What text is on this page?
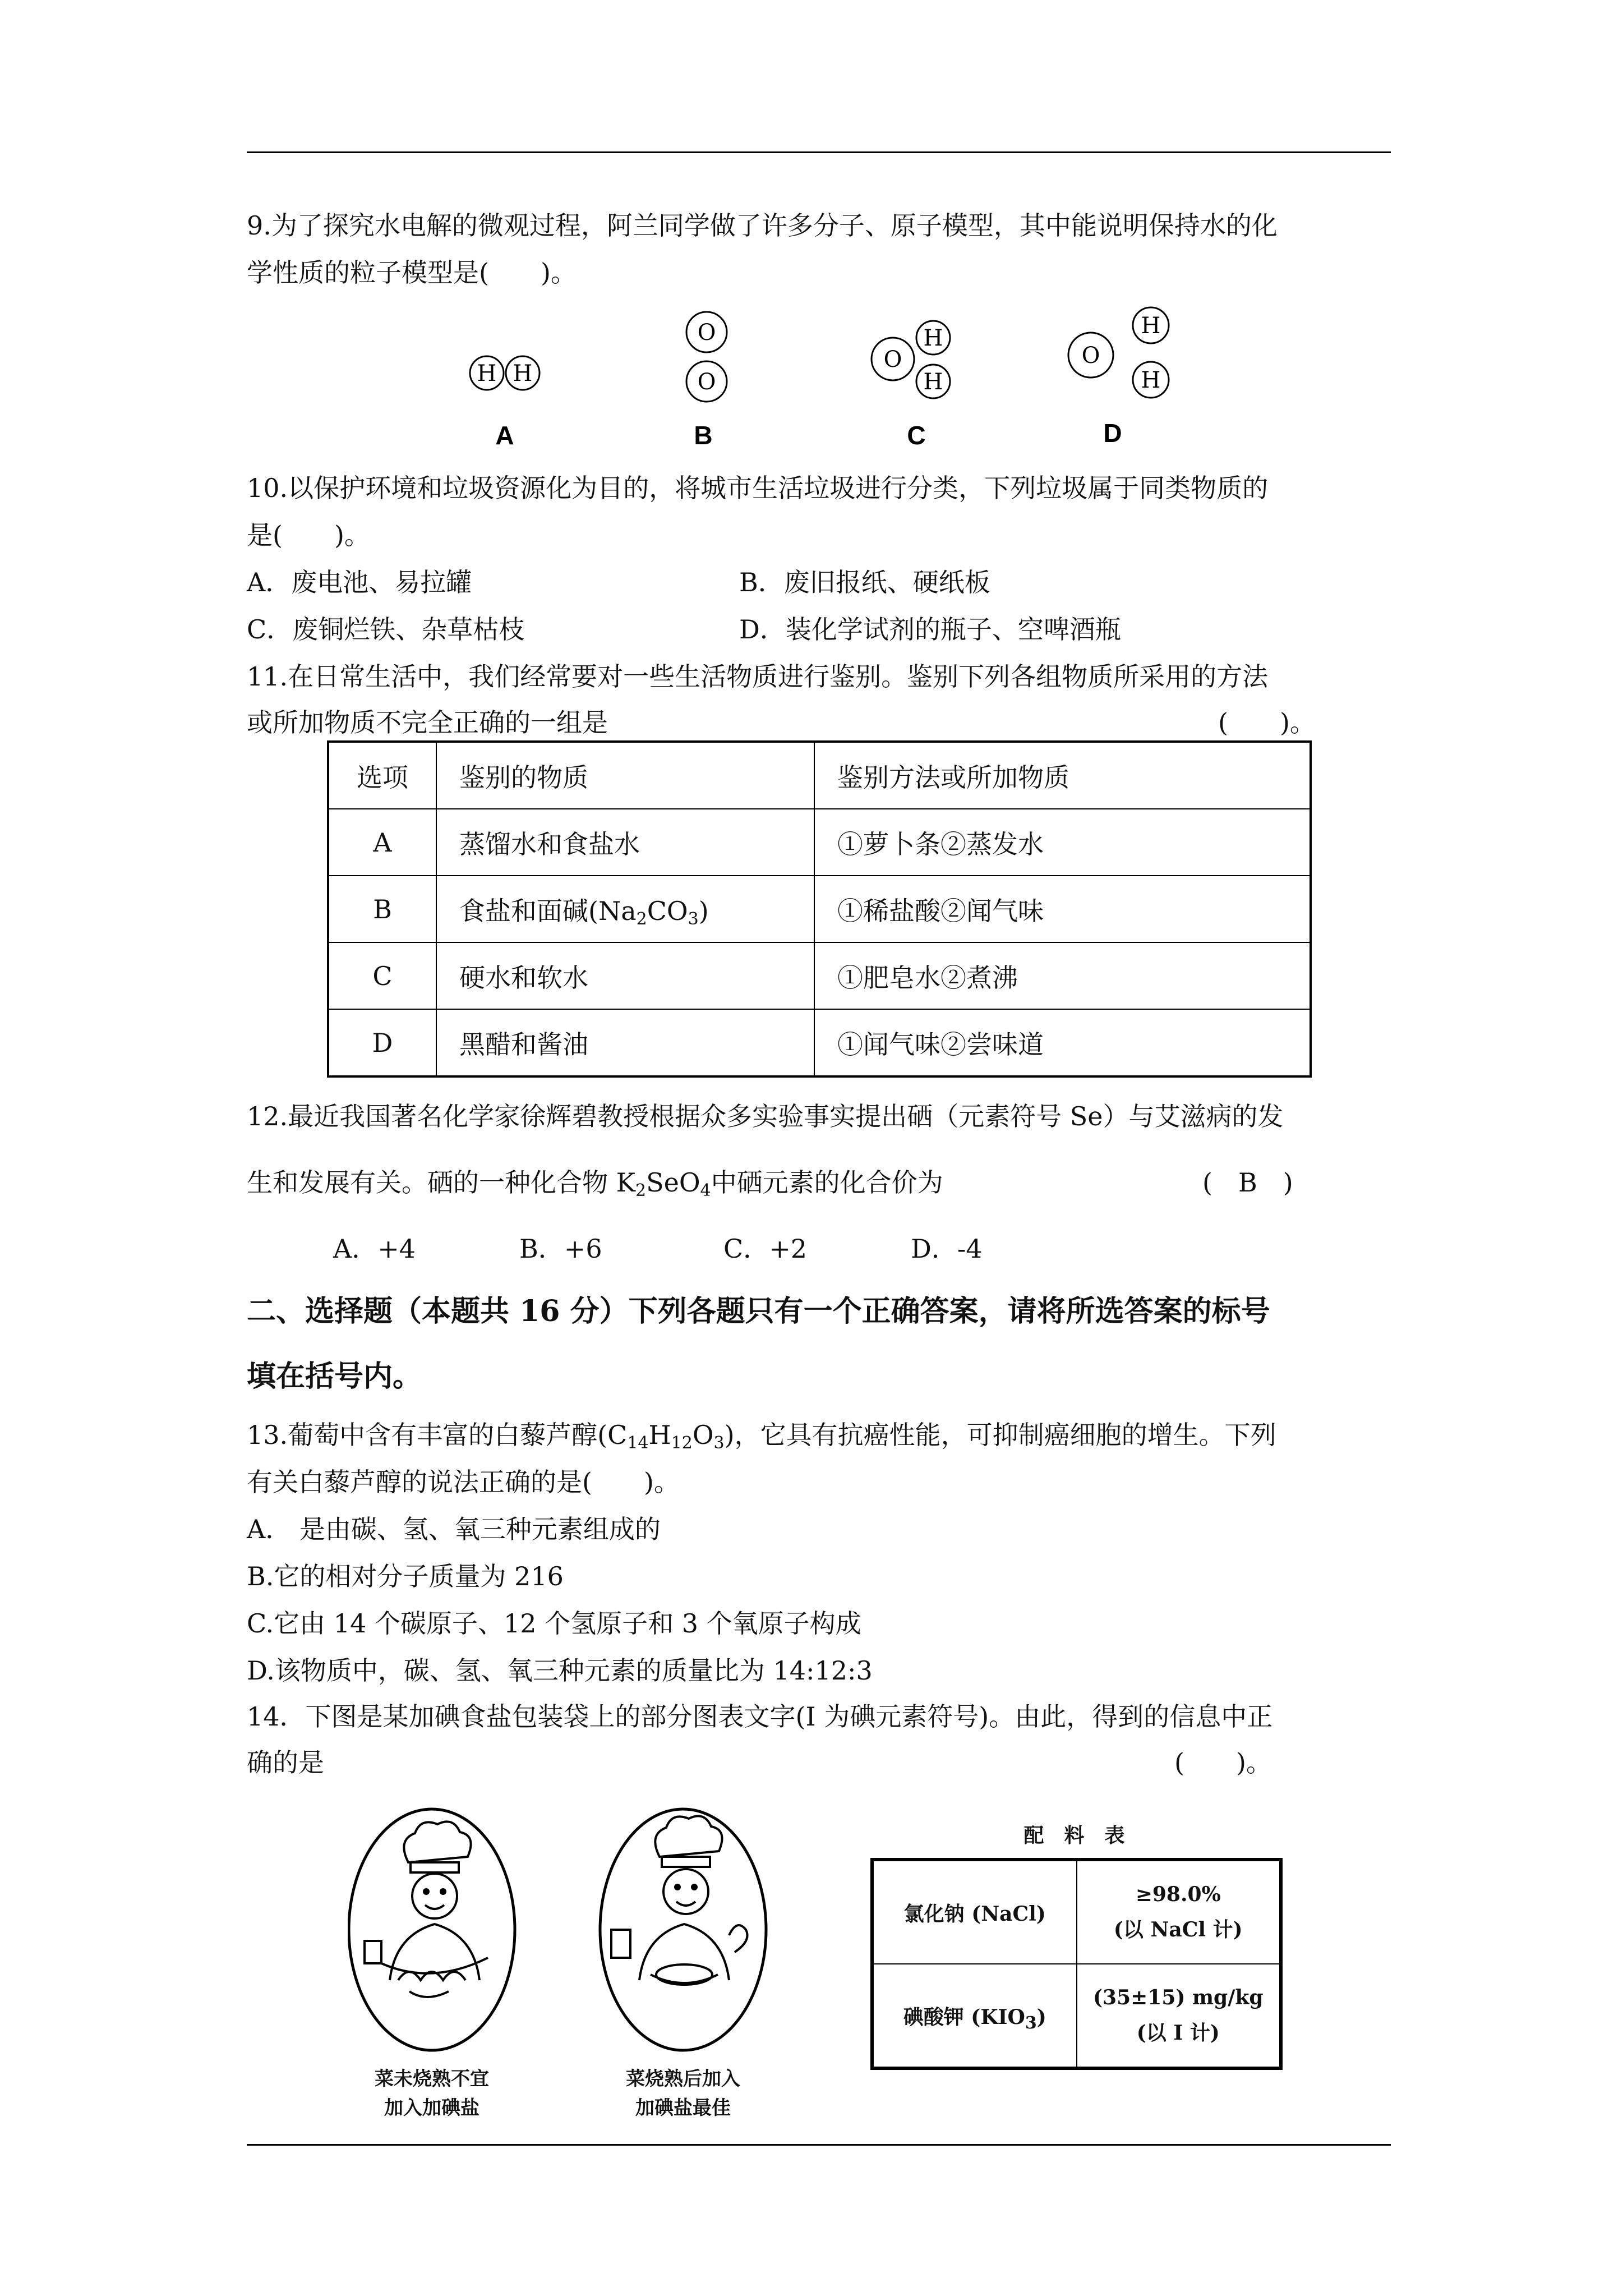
9.为了探究水电解的微观过程，阿兰同学做了许多分子、原子模型，其中能说明保持水的化
学性质的粒子模型是(　　)。
H H
O
O
O
H
H
O
H
H
A	B	C	D
10.以保护环境和垃圾资源化为目的，将城市生活垃圾进行分类，下列垃圾属于同类物质的
是(　　)。
A．废电池、易拉罐	B．废旧报纸、硬纸板
C．废铜烂铁、杂草枯枝	D．装化学试剂的瓶子、空啤酒瓶
11.在日常生活中，我们经常要对一些生活物质进行鉴别。鉴别下列各组物质所采用的方法
或所加物质不完全正确的一组是	(　　)。
选项	鉴别的物质	鉴别方法或所加物质
A	蒸馏水和食盐水	①萝卜条②蒸发水
B	食盐和面碱$(Na_2CO_3)$	①稀盐酸②闻气味
C	硬水和软水	①肥皂水②煮沸
D	黑醋和酱油	①闻气味②尝味道
12.最近我国著名化学家徐辉碧教授根据众多实验事实提出硒（元素符号 Se）与艾滋病的发
生和发展有关。硒的一种化合物 $K_2SeO_4$中硒元素的化合价为	(　B　)
A．+4	B．+6	C．+2	D．-4
二、选择题（本题共 16 分）下列各题只有一个正确答案，请将所选答案的标号
填在括号内。
13.葡萄中含有丰富的白藜芦醇$(C_{14}H_{12}O_3)$，它具有抗癌性能，可抑制癌细胞的增生。下列
有关白藜芦醇的说法正确的是(　　)。
A． 是由碳、氢、氧三种元素组成的
B.它的相对分子质量为 216
C.它由 14 个碳原子、12 个氢原子和 3 个氧原子构成
D.该物质中，碳、氢、氧三种元素的质量比为 14:12:3
14．下图是某加碘食盐包装袋上的部分图表文字(I 为碘元素符号)。由此，得到的信息中正
确的是	(　　)。
菜未烧熟不宜
加入加碘盐
菜烧熟后加入
加碘盐最佳
配　料　表
氯化钠 (NaCl)	≥98.0%
(以 NaCl 计)

碘酸钾 $(KIO_3)$	(35±15) mg/kg
(以 I 计)
